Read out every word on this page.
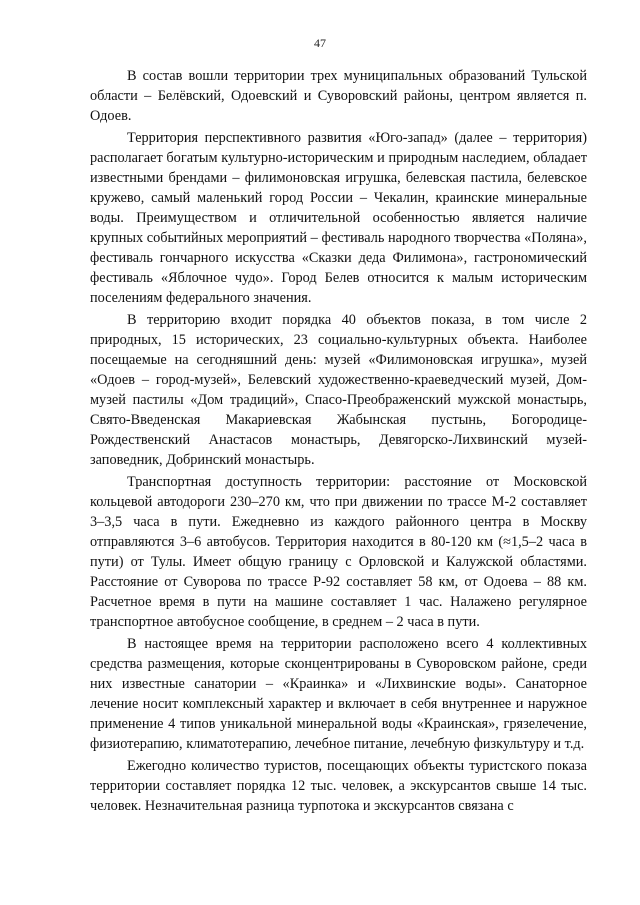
47

В состав вошли территории трех муниципальных образований Тульской области – Белёвский, Одоевский и Суворовский районы, центром является п. Одоев.

Территория перспективного развития «Юго-запад» (далее – территория) располагает богатым культурно-историческим и природным наследием, обладает известными брендами – филимоновская игрушка, белевская пастила, белевское кружево, самый маленький город России – Чекалин, краинские минеральные воды. Преимуществом и отличительной особенностью является наличие крупных событийных мероприятий – фестиваль народного творчества «Поляна», фестиваль гончарного искусства «Сказки деда Филимона», гастрономический фестиваль «Яблочное чудо». Город Белев относится к малым историческим поселениям федерального значения.

В территорию входит порядка 40 объектов показа, в том числе 2 природных, 15 исторических, 23 социально-культурных объекта. Наиболее посещаемые на сегодняшний день: музей «Филимоновская игрушка», музей «Одоев – город-музей», Белевский художественно-краеведческий музей, Дом-музей пастилы «Дом традиций», Спасо-Преображенский мужской монастырь, Свято-Введенская Макариевская Жабынская пустынь, Богородице-Рождественский Анастасов монастырь, Девягорско-Лихвинский музей-заповедник, Добринский монастырь.

Транспортная доступность территории: расстояние от Московской кольцевой автодороги 230–270 км, что при движении по трассе М-2 составляет 3–3,5 часа в пути. Ежедневно из каждого районного центра в Москву отправляются 3–6 автобусов. Территория находится в 80-120 км (≈1,5–2 часа в пути) от Тулы. Имеет общую границу с Орловской и Калужской областями. Расстояние от Суворова по трассе Р-92 составляет 58 км, от Одоева – 88 км. Расчетное время в пути на машине составляет 1 час. Налажено регулярное транспортное автобусное сообщение, в среднем – 2 часа в пути.

В настоящее время на территории расположено всего 4 коллективных средства размещения, которые сконцентрированы в Суворовском районе, среди них известные санатории – «Краинка» и «Лихвинские воды». Санаторное лечение носит комплексный характер и включает в себя внутреннее и наружное применение 4 типов уникальной минеральной воды «Краинская», грязелечение, физиотерапию, климатотерапию, лечебное питание, лечебную физкультуру и т.д.

Ежегодно количество туристов, посещающих объекты туристского показа территории составляет порядка 12 тыс. человек, а экскурсантов свыше 14 тыс. человек. Незначительная разница турпотока и экскурсантов связана с
